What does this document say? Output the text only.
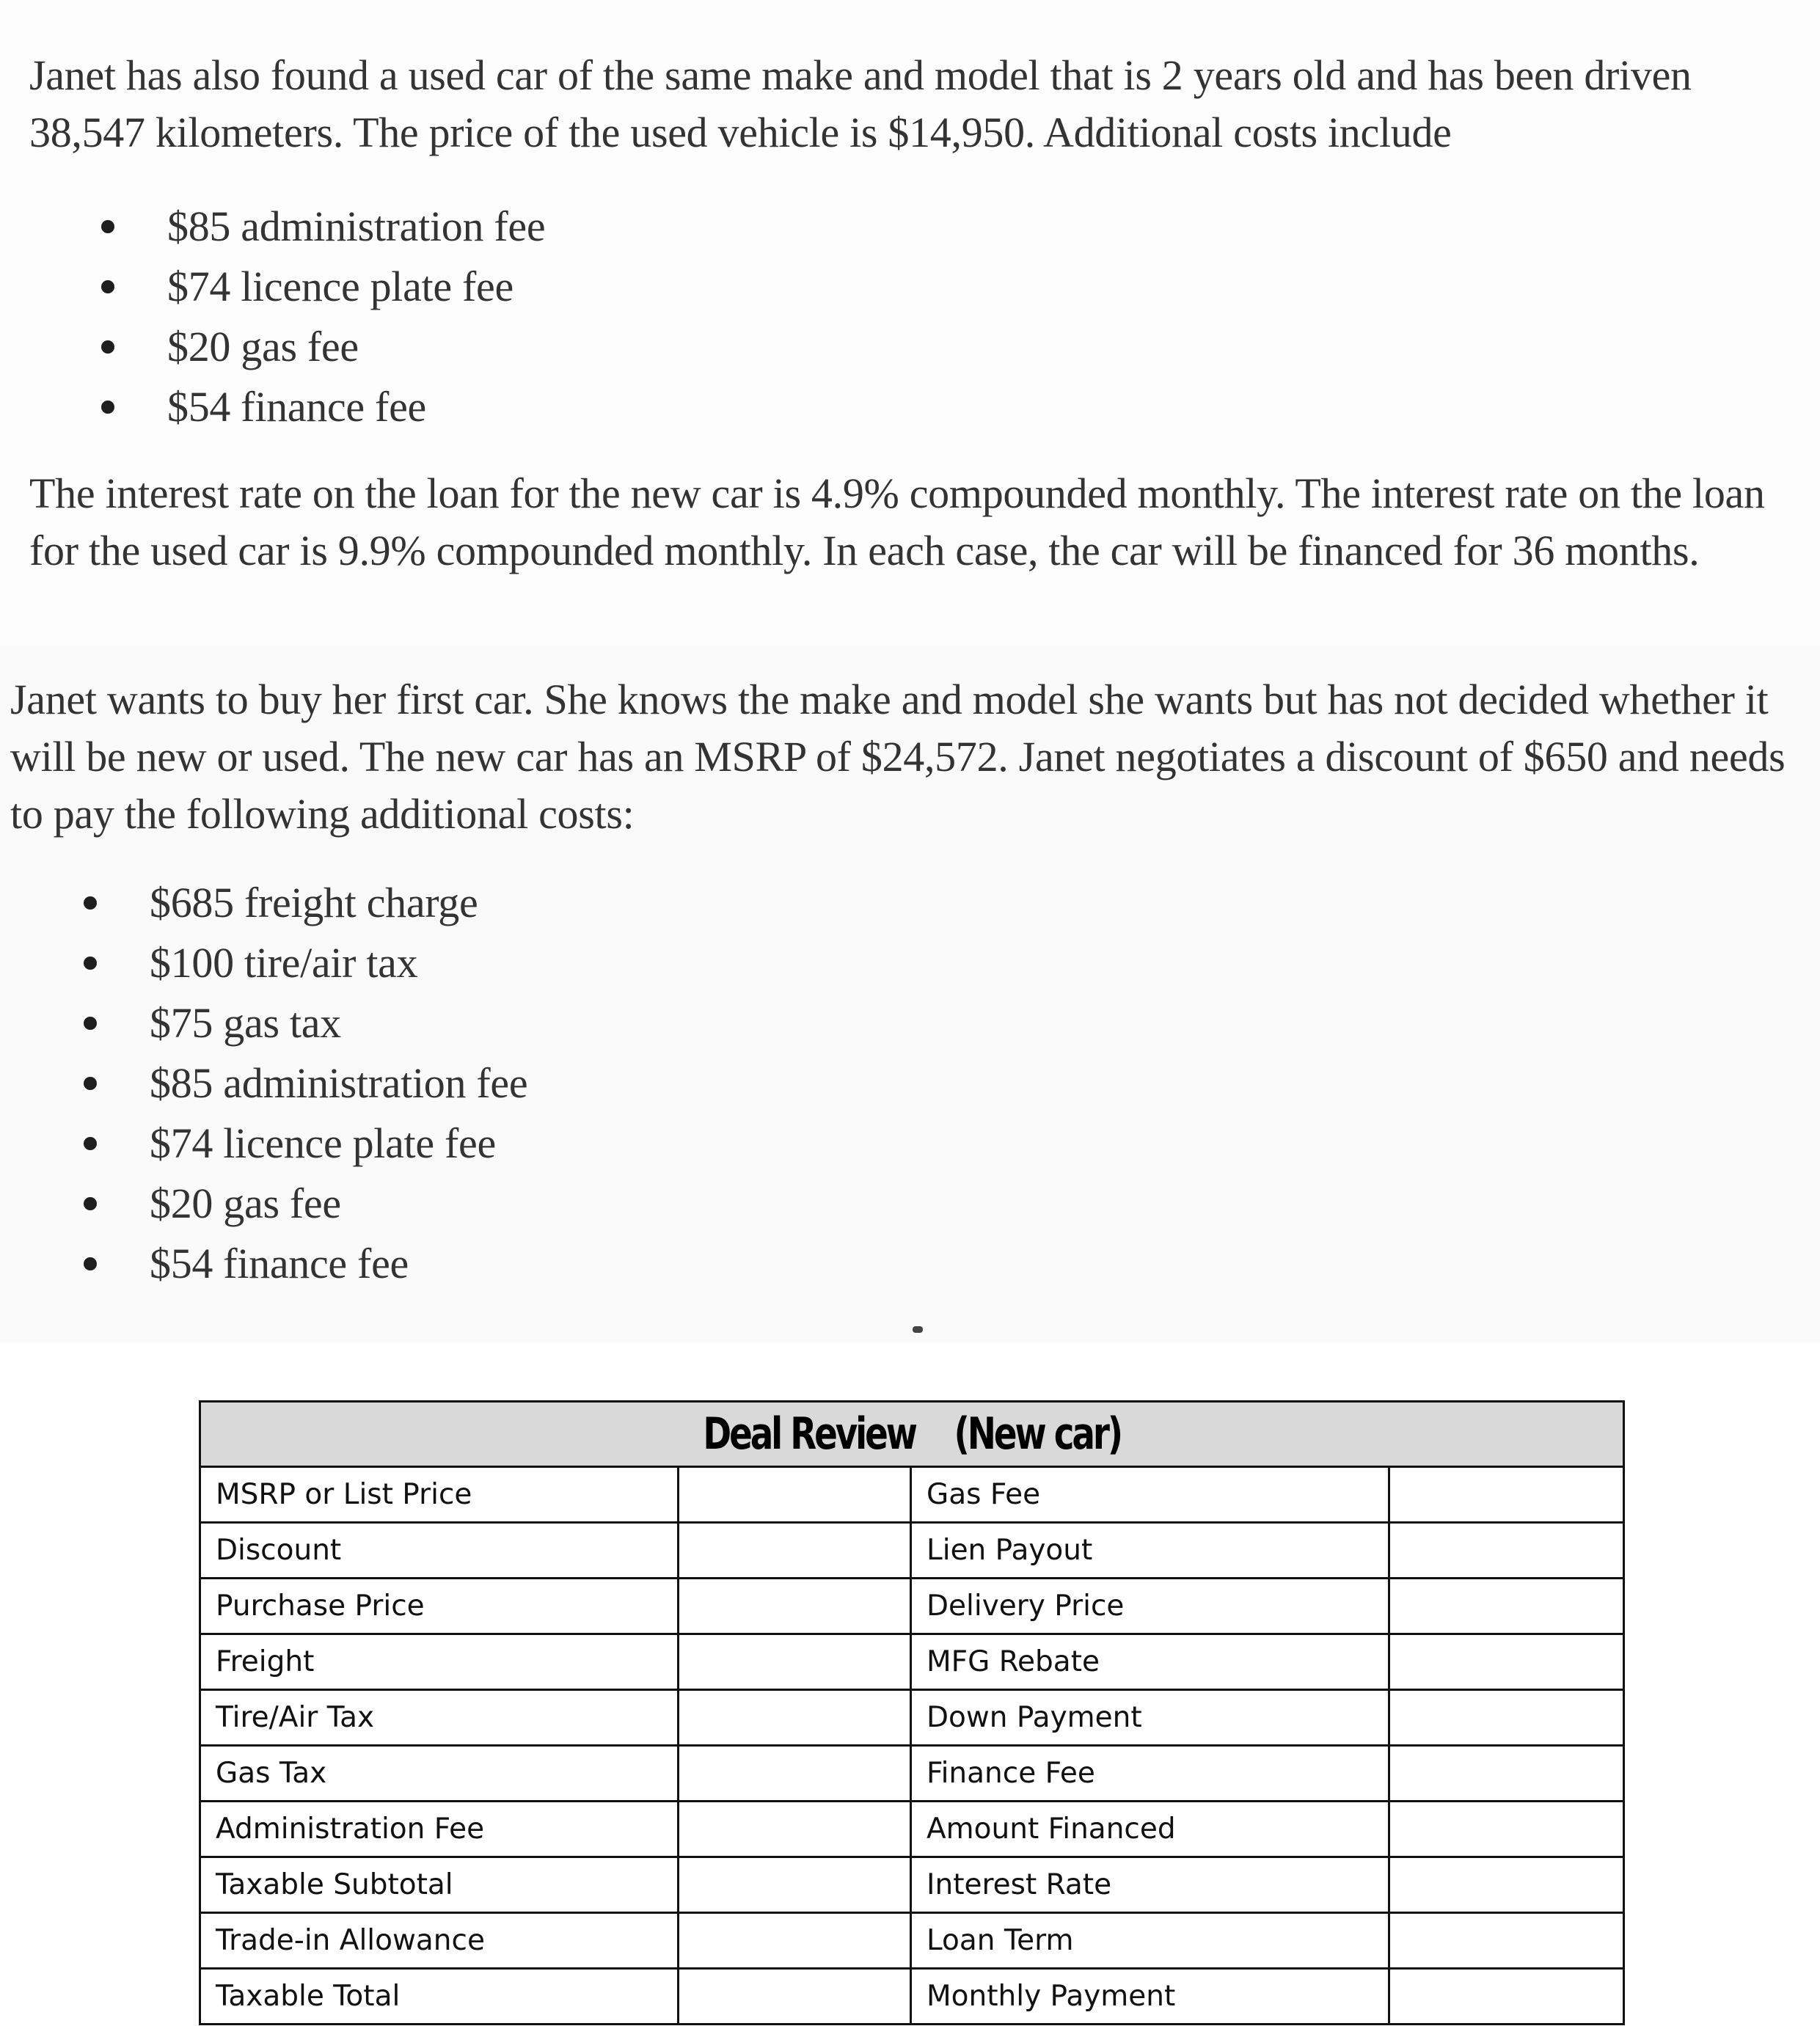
Janet has also found a used car of the same make and model that is 2 years old and has been driven 38,547 kilometers. The price of the used vehicle is $14,950. Additional costs include

$85 administration fee
$74 licence plate fee
$20 gas fee
$54 finance fee

The interest rate on the loan for the new car is 4.9% compounded monthly. The interest rate on the loan for the used car is 9.9% compounded monthly. In each case, the car will be financed for 36 months.

Janet wants to buy her first car. She knows the make and model she wants but has not decided whether it will be new or used. The new car has an MSRP of $24,572. Janet negotiates a discount of $650 and needs to pay the following additional costs:

$685 freight charge
$100 tire/air tax
$75 gas tax
$85 administration fee
$74 licence plate fee
$20 gas fee
$54 finance fee
Deal Review    (New car)			
MSRP or List Price		Gas Fee	
Discount		Lien Payout	
Purchase Price		Delivery Price	
Freight		MFG Rebate	
Tire/Air Tax		Down Payment	
Gas Tax		Finance Fee	
Administration Fee		Amount Financed	
Taxable Subtotal		Interest Rate	
Trade-in Allowance		Loan Term	
Taxable Total		Monthly Payment	
